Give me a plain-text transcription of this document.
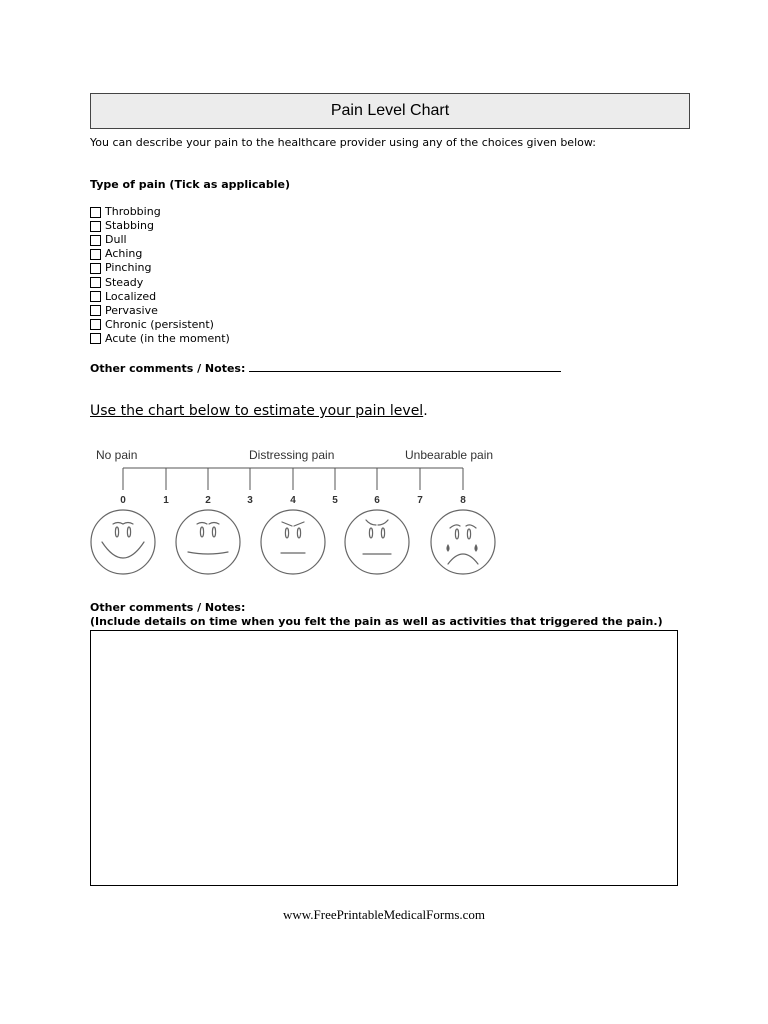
Pain Level Chart
You can describe your pain to the healthcare provider using any of the choices given below:
Type of pain (Tick as applicable)
Throbbing
Stabbing
Dull
Aching
Pinching
Steady
Localized
Pervasive
Chronic (persistent)
Acute (in the moment)
Other comments / Notes:
Use the chart below to estimate your pain level.
No pain	Distressing pain	Unbearable pain
0	1	2	3	4	5	6	7	8
Other comments / Notes:
(Include details on time when you felt the pain as well as activities that triggered the pain.)
www.FreePrintableMedicalForms.com
